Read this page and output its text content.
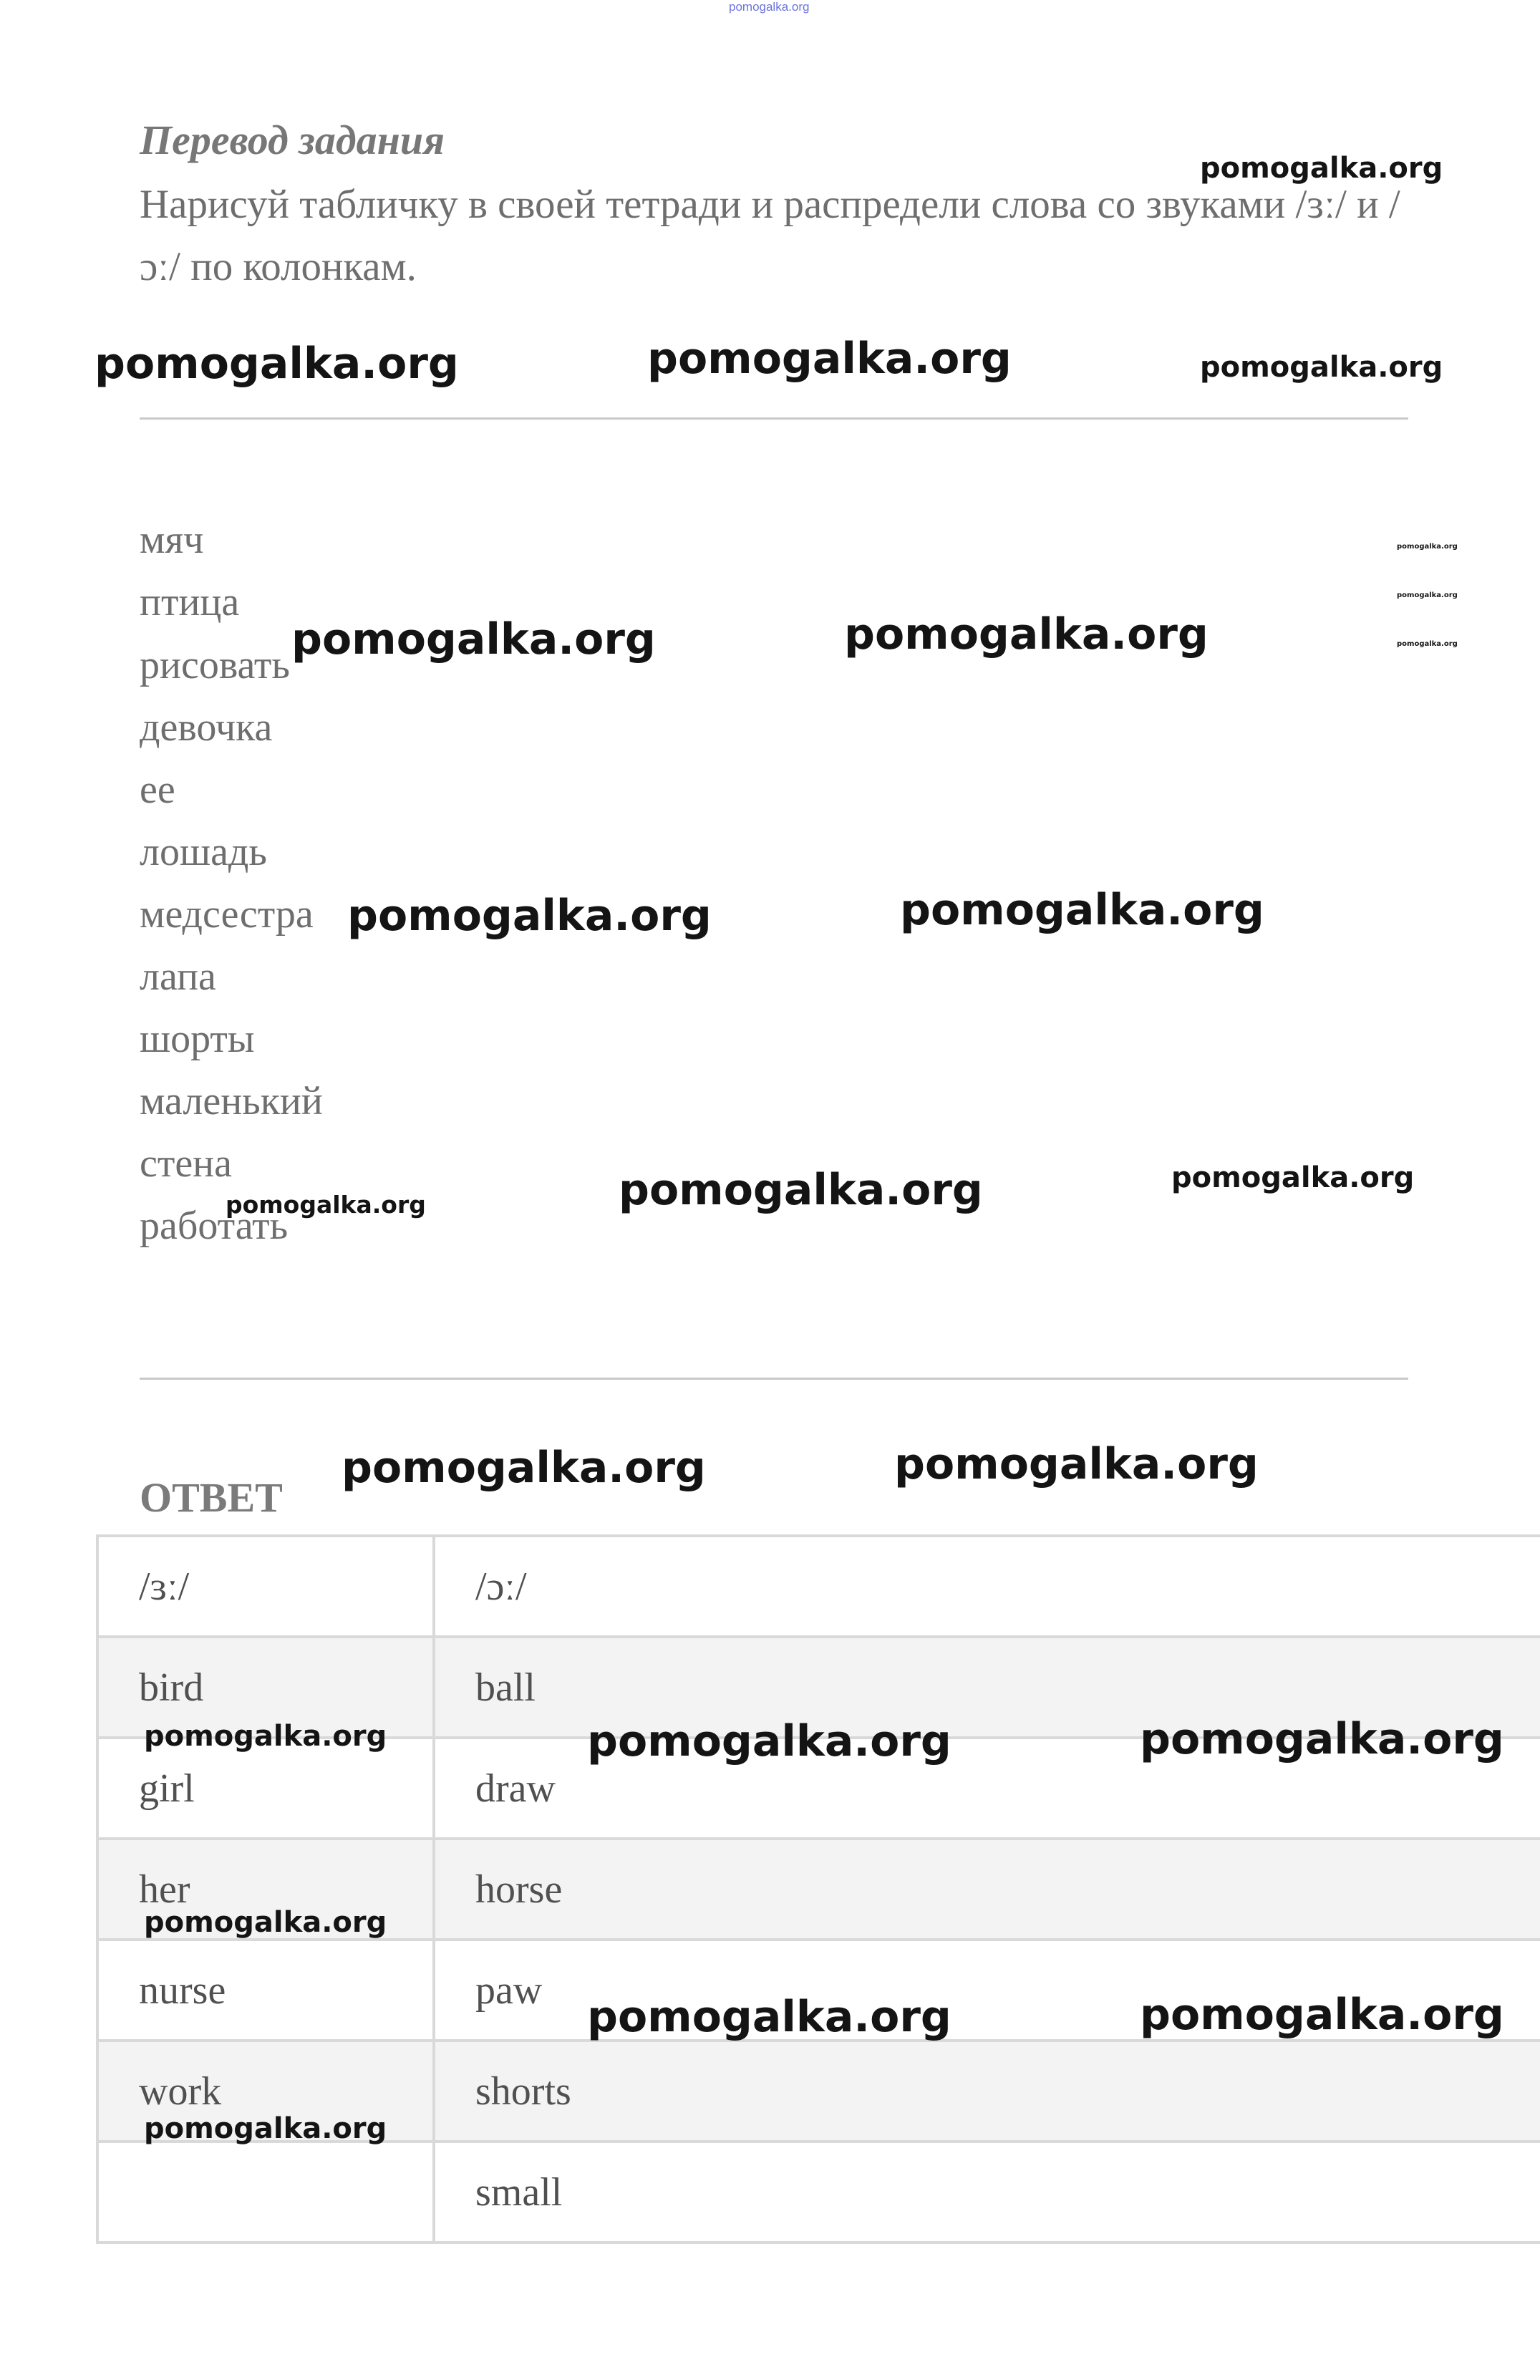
pomogalka.org
Перевод задания
Нарисуй табличку в своей тетради и распредели слова со звуками /ɜː/ и /ɔː/ по колонкам.
мяч
птица
рисовать
девочка
ее
лошадь
медсестра
лапа
шорты
маленький
стена
работать
ОТВЕТ
/ɜː/	/ɔː/
bird	ball
girl	draw
her	horse
nurse	paw
work	shorts
	small
pomogalka.org
pomogalka.org	pomogalka.org	pomogalka.org
pomogalka.org
pomogalka.org
pomogalka.org
pomogalka.org	pomogalka.org
pomogalka.org	pomogalka.org
pomogalka.org	pomogalka.org
pomogalka.org
pomogalka.org	pomogalka.org
pomogalka.org	pomogalka.org	pomogalka.org
pomogalka.org
pomogalka.org	pomogalka.org
pomogalka.org
